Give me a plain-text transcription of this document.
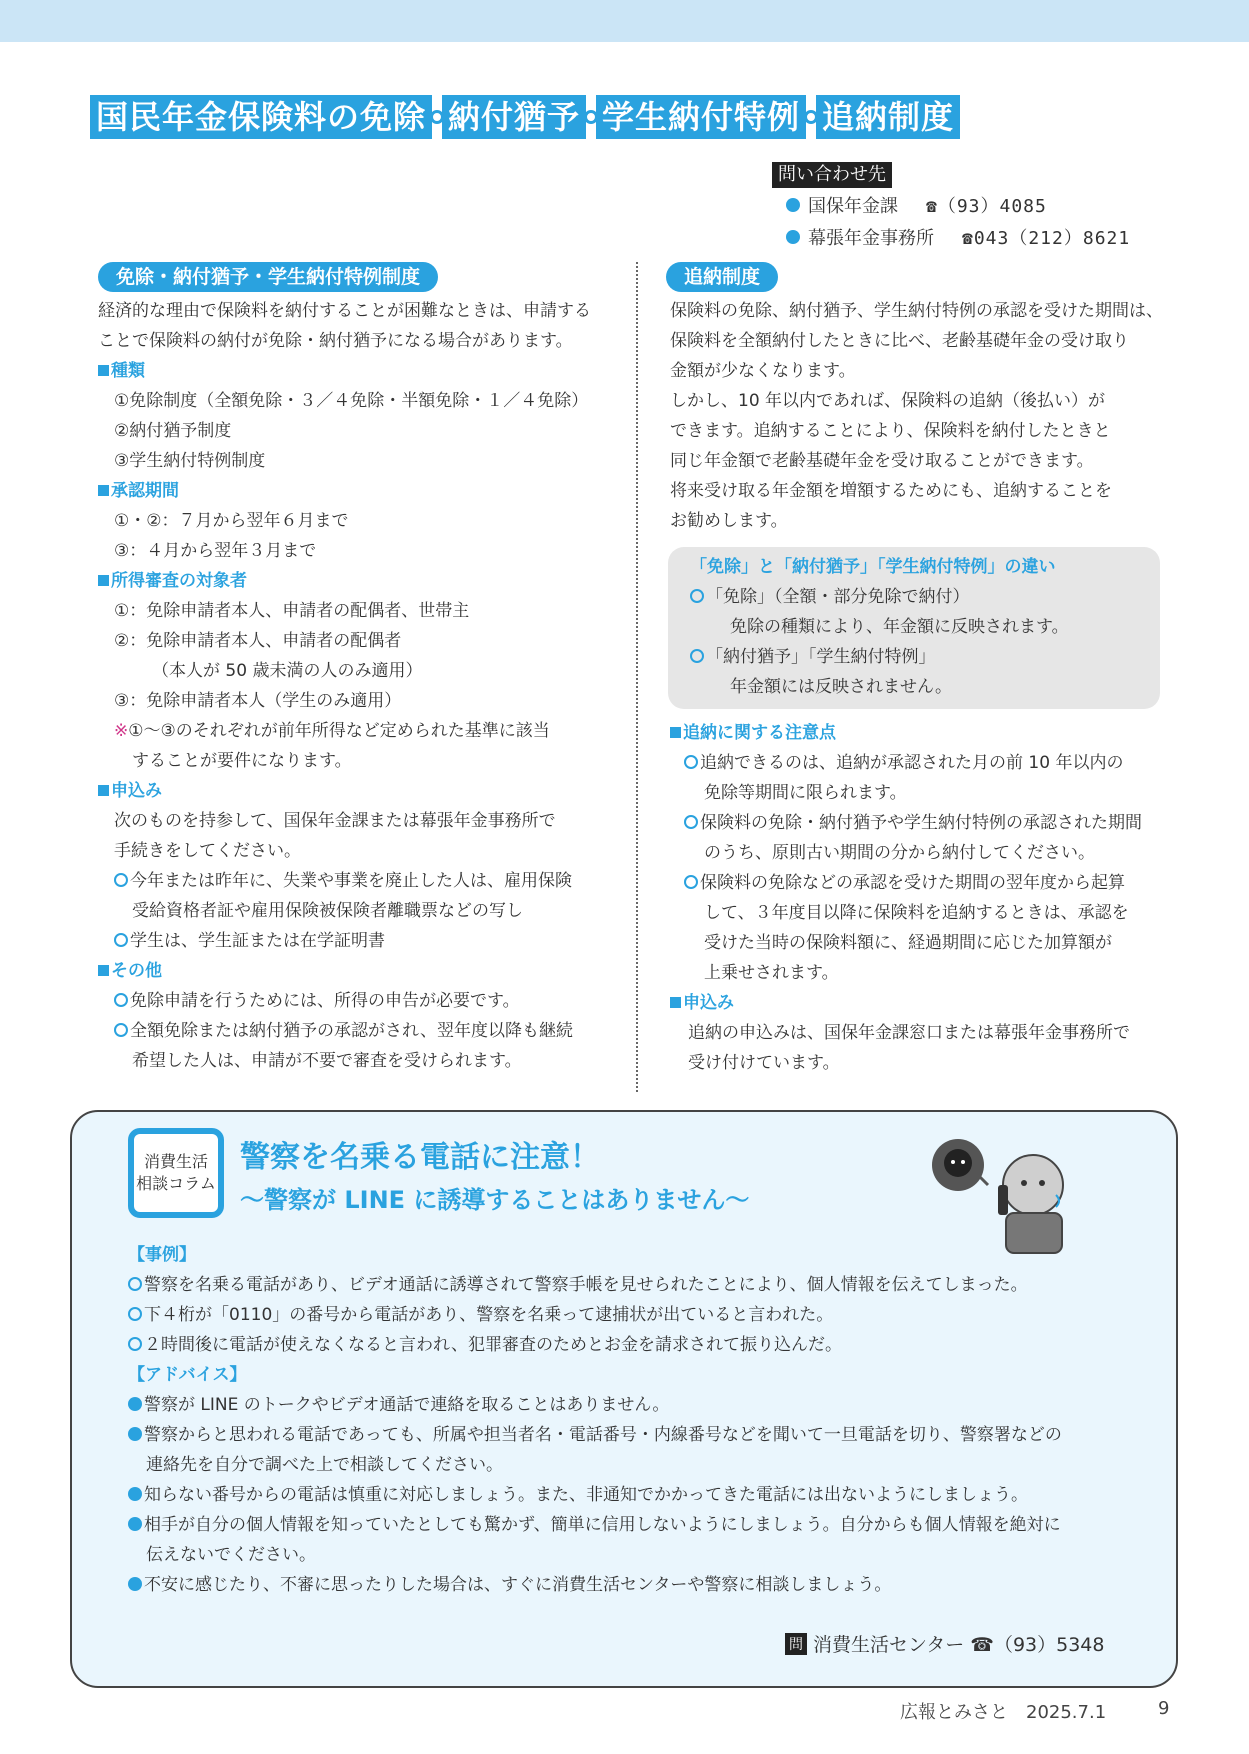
国民年金保険料の免除 納付猶予 学生納付特例 追納制度
問い合わせ先
国保年金課 ☎（93）4085
幕張年金事務所 ☎043（212）8621
免除・納付猶予・学生納付特例制度
経済的な理由で保険料を納付することが困難なときは、申請する
ことで保険料の納付が免除・納付猶予になる場合があります。
種類
①免除制度（全額免除・３／４免除・半額免除・１／４免除）
②納付猶予制度
③学生納付特例制度
承認期間
①・②：７月から翌年６月まで
③：４月から翌年３月まで
所得審査の対象者
①：免除申請者本人、申請者の配偶者、世帯主
②：免除申請者本人、申請者の配偶者
（本人が 50 歳未満の人のみ適用）
③：免除申請者本人（学生のみ適用）
※①～③のそれぞれが前年所得など定められた基準に該当
することが要件になります。
申込み
次のものを持参して、国保年金課または幕張年金事務所で
手続きをしてください。
今年または昨年に、失業や事業を廃止した人は、雇用保険
受給資格者証や雇用保険被保険者離職票などの写し
学生は、学生証または在学証明書
その他
免除申請を行うためには、所得の申告が必要です。
全額免除または納付猶予の承認がされ、翌年度以降も継続
希望した人は、申請が不要で審査を受けられます。
追納制度
保険料の免除、納付猶予、学生納付特例の承認を受けた期間は、
保険料を全額納付したときに比べ、老齢基礎年金の受け取り
金額が少なくなります。
しかし、10 年以内であれば、保険料の追納（後払い）が
できます。追納することにより、保険料を納付したときと
同じ年金額で老齢基礎年金を受け取ることができます。
将来受け取る年金額を増額するためにも、追納することを
お勧めします。
「免除」と「納付猶予」「学生納付特例」の違い
「免除」（全額・部分免除で納付）
免除の種類により、年金額に反映されます。
「納付猶予」「学生納付特例」
年金額には反映されません。
追納に関する注意点
追納できるのは、追納が承認された月の前 10 年以内の
免除等期間に限られます。
保険料の免除・納付猶予や学生納付特例の承認された期間
のうち、原則古い期間の分から納付してください。
保険料の免除などの承認を受けた期間の翌年度から起算
して、３年度目以降に保険料を追納するときは、承認を
受けた当時の保険料額に、経過期間に応じた加算額が
上乗せされます。
申込み
追納の申込みは、国保年金課窓口または幕張年金事務所で
受け付けています。
消費生活
相談コラム
警察を名乗る電話に注意！
～警察が LINE に誘導することはありません～
【事例】
警察を名乗る電話があり、ビデオ通話に誘導されて警察手帳を見せられたことにより、個人情報を伝えてしまった。
下４桁が「0110」の番号から電話があり、警察を名乗って逮捕状が出ていると言われた。
２時間後に電話が使えなくなると言われ、犯罪審査のためとお金を請求されて振り込んだ。
【アドバイス】
警察が LINE のトークやビデオ通話で連絡を取ることはありません。
警察からと思われる電話であっても、所属や担当者名・電話番号・内線番号などを聞いて一旦電話を切り、警察署などの
連絡先を自分で調べた上で相談してください。
知らない番号からの電話は慎重に対応しましょう。また、非通知でかかってきた電話には出ないようにしましょう。
相手が自分の個人情報を知っていたとしても驚かず、簡単に信用しないようにしましょう。自分からも個人情報を絶対に
伝えないでください。
不安に感じたり、不審に思ったりした場合は、すぐに消費生活センターや警察に相談しましょう。
問 消費生活センター ☎（93）5348
広報とみさと　2025.7.1	9
